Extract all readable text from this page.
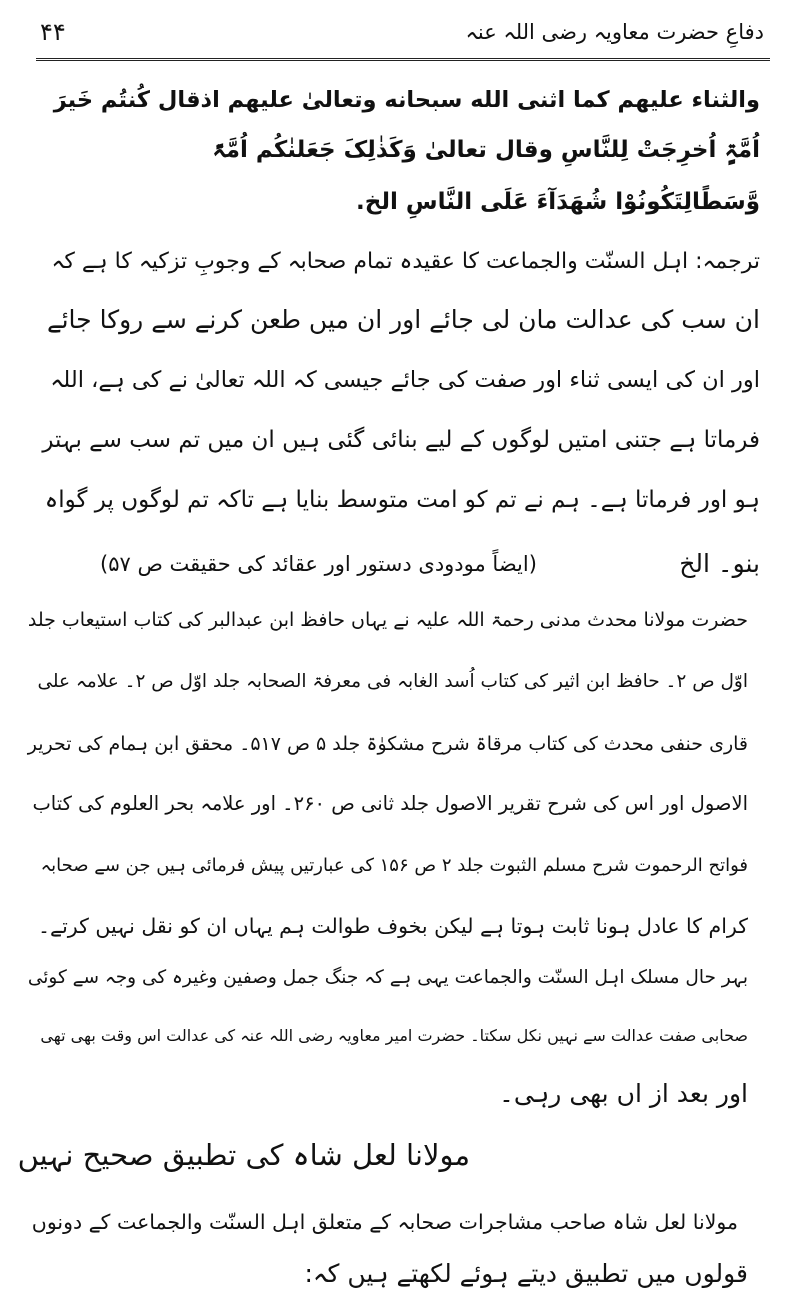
۴۴	دفاعِ حضرت معاویہ رضی اللہ عنہ
والثناء علیهم کما اثنی الله سبحانه وتعالیٰ علیهم اذقال کُنتُم خَیرَ
اُمَّۃٍ اُخرِجَتْ لِلنَّاسِ وقال تعالیٰ وَکَذٰلِکَ جَعَلنٰکُم اُمَّۃً
وَّسَطًالِتَکُونُوْا شُهَدَآءَ عَلَی النَّاسِ الخ.
ترجمہ: اہل السنّت والجماعت کا عقیدہ تمام صحابہ کے وجوبِ تزکیہ کا ہے کہ
ان سب کی عدالت مان لی جائے اور ان میں طعن کرنے سے روکا جائے
اور ان کی ایسی ثناء اور صفت کی جائے جیسی کہ اللہ تعالیٰ نے کی ہے، اللہ
فرماتا ہے جتنی امتیں لوگوں کے لیے بنائی گئی ہیں ان میں تم سب سے بہتر
ہو اور فرماتا ہے۔ ہم نے تم کو امت متوسط بنایا ہے تاکہ تم لوگوں پر گواہ
بنو۔ الخ
(ایضاً مودودی دستور اور عقائد کی حقیقت ص ۵۷)
حضرت مولانا محدث مدنی رحمۃ اللہ علیہ نے یہاں حافظ ابن عبدالبر کی کتاب استیعاب جلد
اوّل ص ۲۔ حافظ ابن اثیر کی کتاب اُسد الغابہ فی معرفۃ الصحابہ جلد اوّل ص ۲۔ علامہ علی
قاری حنفی محدث کی کتاب مرقاۃ شرح مشکوٰۃ جلد ۵ ص ۵۱۷۔ محقق ابن ہمام کی تحریر
الاصول اور اس کی شرح تقریر الاصول جلد ثانی ص ۲۶۰۔ اور علامہ بحر العلوم کی کتاب
فواتح الرحموت شرح مسلم الثبوت جلد ۲ ص ۱۵۶ کی عبارتیں پیش فرمائی ہیں جن سے صحابہ
کرام کا عادل ہونا ثابت ہوتا ہے لیکن بخوف طوالت ہم یہاں ان کو نقل نہیں کرتے۔
بہر حال مسلک اہل السنّت والجماعت یہی ہے کہ جنگ جمل وصفین وغیرہ کی وجہ سے کوئی
صحابی صفت عدالت سے نہیں نکل سکتا۔ حضرت امیر معاویہ رضی اللہ عنہ کی عدالت اس وقت بھی تھی
اور بعد از اں بھی رہی۔
مولانا لعل شاہ کی تطبیق صحیح نہیں
مولانا لعل شاہ صاحب مشاجرات صحابہ کے متعلق اہل السنّت والجماعت کے دونوں
قولوں میں تطبیق دیتے ہوئے لکھتے ہیں کہ:
